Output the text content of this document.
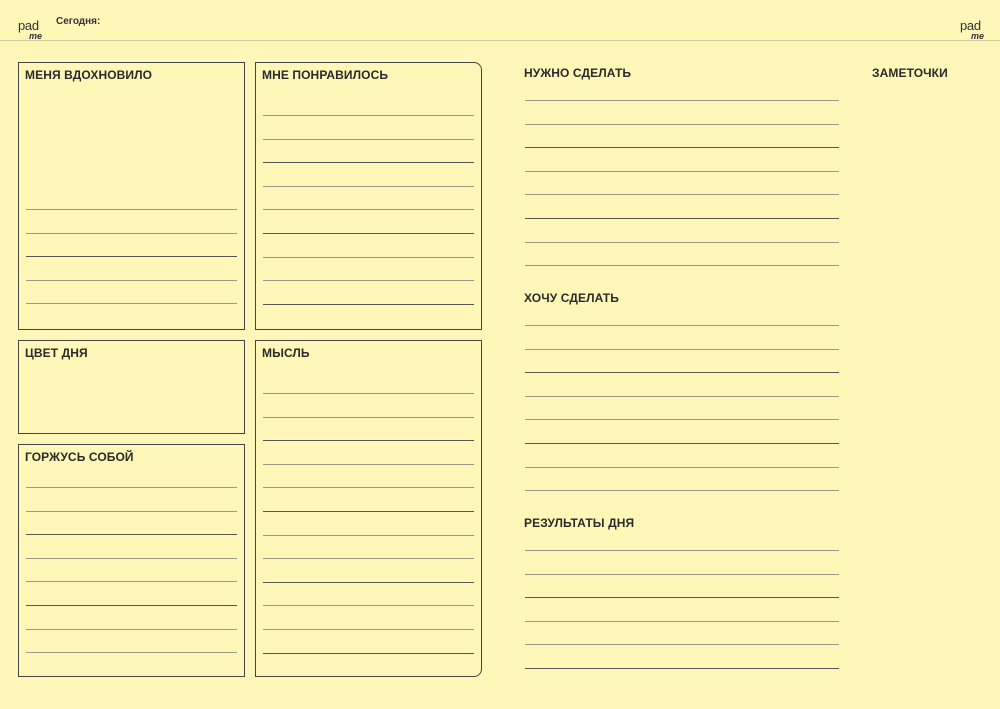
pad
me
pad
me
Сегодня:
МЕНЯ ВДОХНОВИЛО	МНЕ ПОНРАВИЛОСЬ
ЦВЕТ ДНЯ	МЫСЛЬ
ГОРЖУСЬ СОБОЙ
НУЖНО СДЕЛАТЬ
ХОЧУ СДЕЛАТЬ
РЕЗУЛЬТАТЫ ДНЯ
ЗАМЕТОЧКИ
